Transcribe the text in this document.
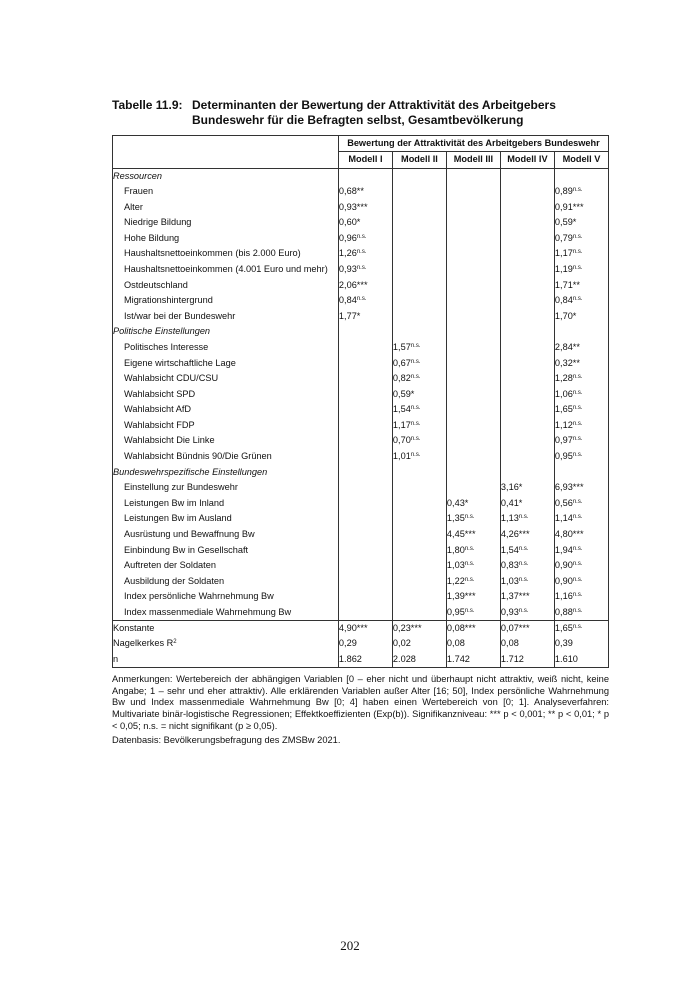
Tabelle 11.9: Determinanten der Bewertung der Attraktivität des Arbeitgebers Bundeswehr für die Befragten selbst, Gesamtbevölkerung
	Bewertung der Attraktivität des Arbeitgebers Bundeswehr				
	Modell I	Modell II	Modell III	Modell IV	Modell V
Ressourcen					
Frauen	0,68**				$0,89^{n.s.}$
Alter	0,93***				0,91***
Niedrige Bildung	0,60*				0,59*
Hohe Bildung	$0,96^{n.s.}$				$0,79^{n.s.}$
Haushaltsnettoeinkommen (bis 2.000 Euro)	$1,26^{n.s.}$				$1,17^{n.s.}$
Haushaltsnettoeinkommen (4.001 Euro und mehr)	$0,93^{n.s.}$				$1,19^{n.s.}$
Ostdeutschland	2,06***				1,71**
Migrationshintergrund	$0,84^{n.s.}$				$0,84^{n.s.}$
Ist/war bei der Bundeswehr	1,77*				1,70*
Politische Einstellungen					
Politisches Interesse		$1,57^{n.s.}$			2,84**
Eigene wirtschaftliche Lage		$0,67^{n.s.}$			0,32**
Wahlabsicht CDU/CSU		$0,82^{n.s.}$			$1,28^{n.s.}$
Wahlabsicht SPD		0,59*			$1,06^{n.s.}$
Wahlabsicht AfD		$1,54^{n.s.}$			$1,65^{n.s.}$
Wahlabsicht FDP		$1,17^{n.s.}$			$1,12^{n.s.}$
Wahlabsicht Die Linke		$0,70^{n.s.}$			$0,97^{n.s.}$
Wahlabsicht Bündnis 90/Die Grünen		$1,01^{n.s.}$			$0,95^{n.s.}$
Bundeswehrspezifische Einstellungen					
Einstellung zur Bundeswehr				3,16*	6,93***
Leistungen Bw im Inland			0,43*	0,41*	$0,56^{n.s.}$
Leistungen Bw im Ausland			$1,35^{n.s.}$	$1,13^{n.s.}$	$1,14^{n.s.}$
Ausrüstung und Bewaffnung Bw			4,45***	4,26***	4,80***
Einbindung Bw in Gesellschaft			$1,80^{n.s.}$	$1,54^{n.s.}$	$1,94^{n.s.}$
Auftreten der Soldaten			$1,03^{n.s.}$	$0,83^{n.s.}$	$0,90^{n.s.}$
Ausbildung der Soldaten			$1,22^{n.s.}$	$1,03^{n.s.}$	$0,90^{n.s.}$
Index persönliche Wahrnehmung Bw			1,39***	1,37***	$1,16^{n.s.}$
Index massenmediale Wahrnehmung Bw			$0,95^{n.s.}$	$0,93^{n.s.}$	$0,88^{n.s.}$
Konstante	4,90***	0,23***	0,08***	0,07***	$1,65^{n.s.}$
Nagelkerkes $R^2$	0,29	0,02	0,08	0,08	0,39
n	1.862	2.028	1.742	1.712	1.610
Anmerkungen: Wertebereich der abhängigen Variablen [0 – eher nicht und überhaupt nicht attraktiv, weiß nicht, keine Angabe; 1 – sehr und eher attraktiv). Alle erklärenden Variablen außer Alter [16; 50], Index persönliche Wahrnehmung Bw und Index massenmediale Wahrnehmung Bw [0; 4] haben einen Wertebereich von [0; 1]. Analyseverfahren: Multivariate binär-logistische Regressionen; Effektkoeffizienten (Exp(b)). Signifikanzniveau: *** p < 0,001; ** p < 0,01; * p < 0,05; n.s. = nicht signifikant (p ≥ 0,05).
Datenbasis: Bevölkerungsbefragung des ZMSBw 2021.
202
